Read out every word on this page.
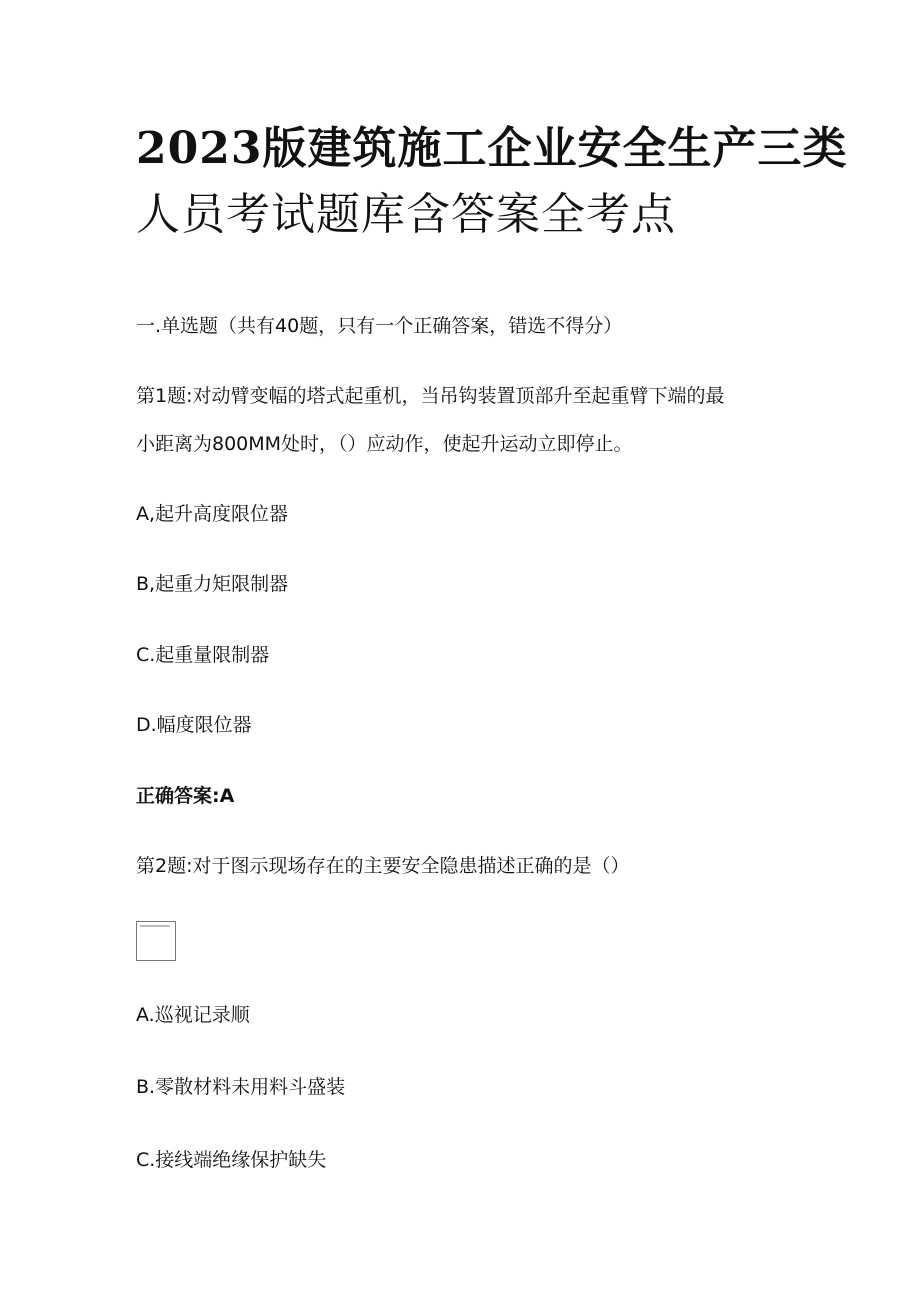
2023版建筑施工企业安全生产三类
人员考试题库含答案全考点
一.单选题（共有40题，只有一个正确答案，错选不得分）
第1题:对动臂变幅的塔式起重机，当吊钩装置顶部升至起重臂下端的最
小距离为800MM处时，（）应动作，使起升运动立即停止。
A,起升高度限位器
B,起重力矩限制器
C.起重量限制器
D.幅度限位器
正确答案:A
第2题:对于图示现场存在的主要安全隐患描述正确的是（）
A.巡视记录顺
B.零散材料未用料斗盛装
C.接线端绝缘保护缺失
